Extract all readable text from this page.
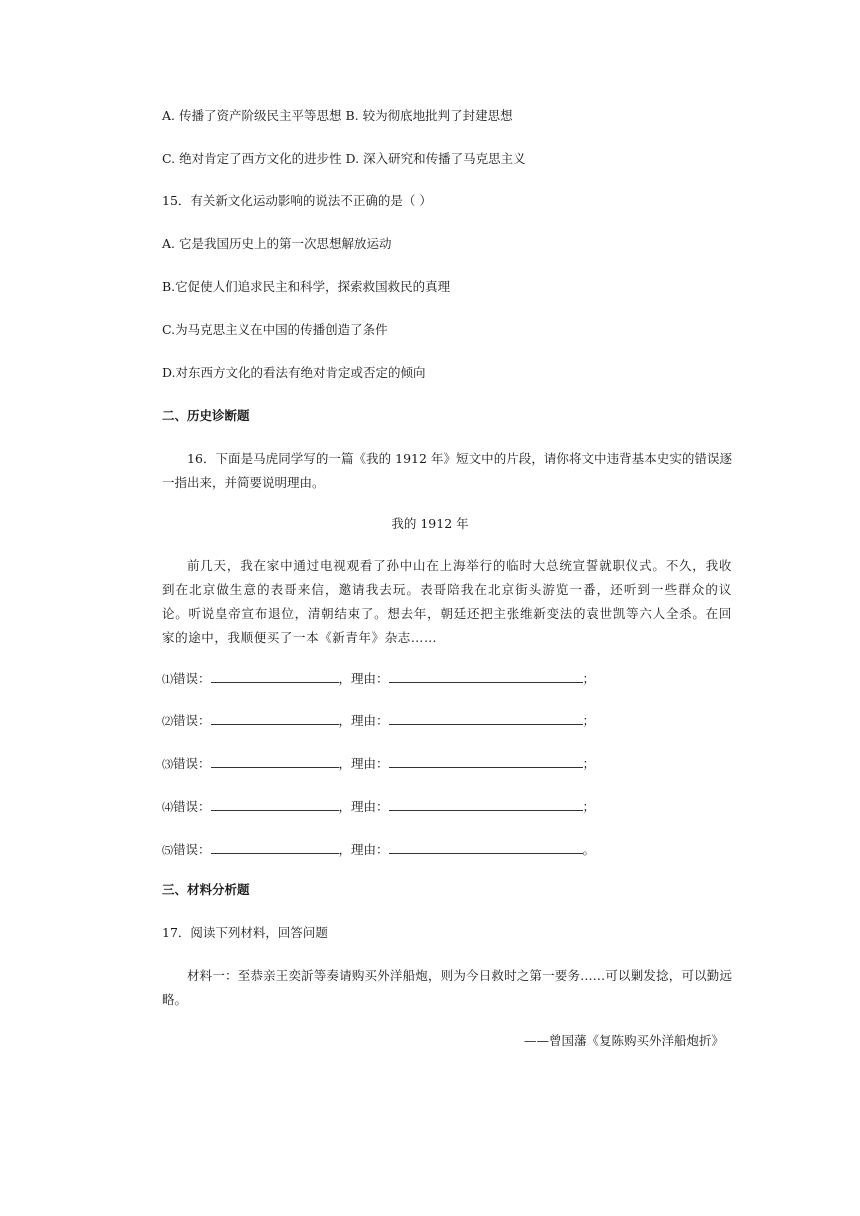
A. 传播了资产阶级民主平等思想 B. 较为彻底地批判了封建思想
C. 绝对肯定了西方文化的进步性 D. 深入研究和传播了马克思主义
15．有关新文化运动影响的说法不正确的是（ ）
A. 它是我国历史上的第一次思想解放运动
B.它促使人们追求民主和科学，探索救国救民的真理
C.为马克思主义在中国的传播创造了条件
D.对东西方文化的看法有绝对肯定或否定的倾向
二、历史诊断题
16．下面是马虎同学写的一篇《我的 1912 年》短文中的片段，请你将文中违背基本史实的错误逐一指出来，并简要说明理由。
我的 1912 年
前几天，我在家中通过电视观看了孙中山在上海举行的临时大总统宣誓就职仪式。不久，我收到在北京做生意的表哥来信，邀请我去玩。表哥陪我在北京街头游览一番，还听到一些群众的议论。听说皇帝宣布退位，清朝结束了。想去年，朝廷还把主张维新变法的袁世凯等六人全杀。在回家的途中，我顺便买了一本《新青年》杂志……
⑴错误：	，理由：	；
⑵错误：	，理由：	；
⑶错误：	，理由：	；
⑷错误：	，理由：	；
⑸错误：	，理由：	。
三、材料分析题
17．阅读下列材料，回答问题
材料一：至恭亲王奕訢等奏请购买外洋船炮，则为今日救时之第一要务……可以剿发捻，可以勤远略。
——曾国藩《复陈购买外洋船炮折》
